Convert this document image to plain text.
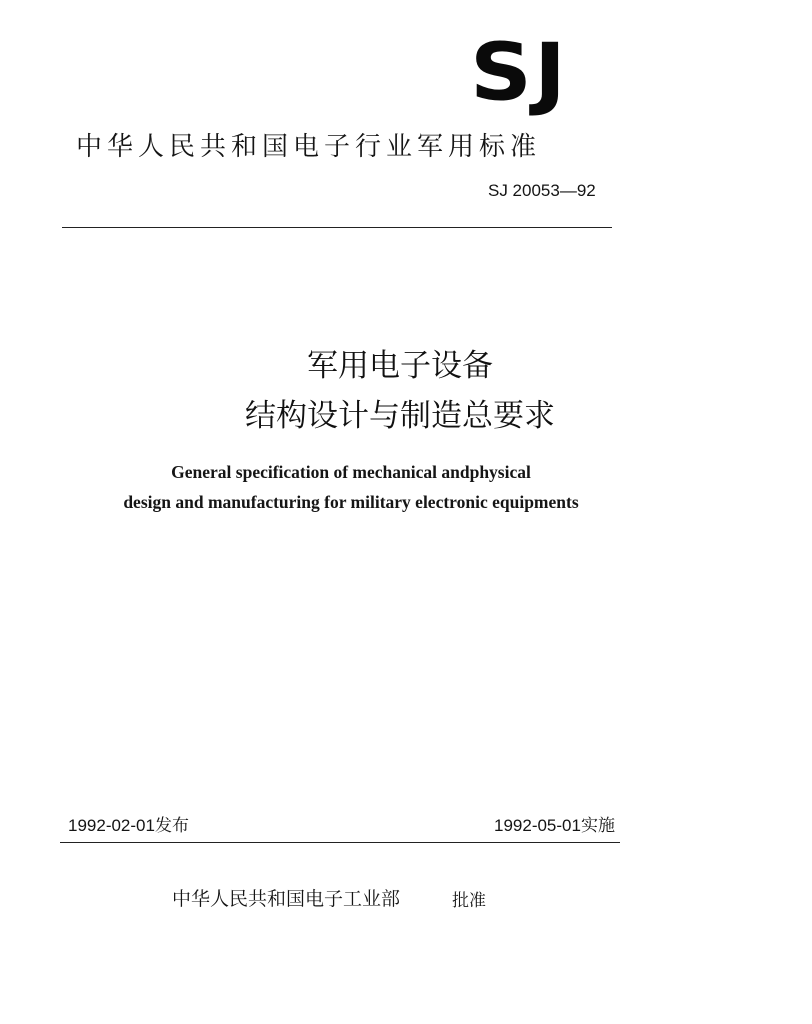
SJ
中华人民共和国电子行业军用标准
SJ 20053—92
军用电子设备
结构设计与制造总要求
General specification of mechanical andphysical
design and manufacturing for military electronic equipments
1992-02-01发布	1992-05-01实施
中华人民共和国电子工业部	批准
